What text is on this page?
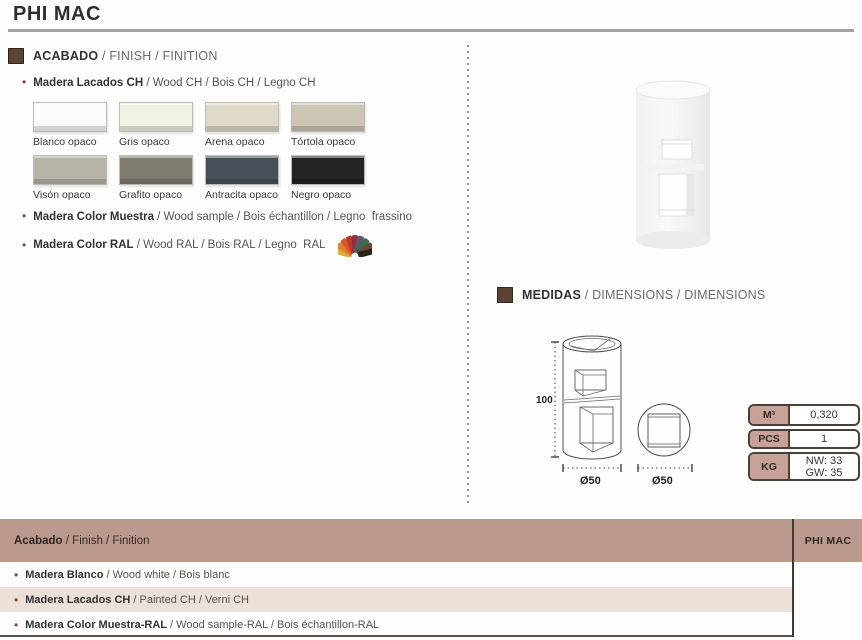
PHI MAC
ACABADO / FINISH / FINITION
• Madera Lacados CH / Wood CH / Bois CH / Legno CH
Blanco opaco	Gris opaco	Arena opaco	Tórtola opaco
Visón opaco	Grafito opaco	Antracita opaco	Negro opaco
• Madera Color Muestra / Wood sample / Bois échantillon / Legno  frassino
• Madera Color RAL / Wood RAL / Bois RAL / Legno  RAL
MEDIDAS / DIMENSIONS / DIMENSIONS
100
Ø50	Ø50
M³	0,320
PCS	1
KG	NW: 33
GW: 35
Acabado / Finish / Finition	PHI MAC
• Madera Blanco / Wood white / Bois blanc
• Madera Lacados CH / Painted CH / Verni CH
• Madera Color Muestra-RAL / Wood sample-RAL / Bois échantillon-RAL
